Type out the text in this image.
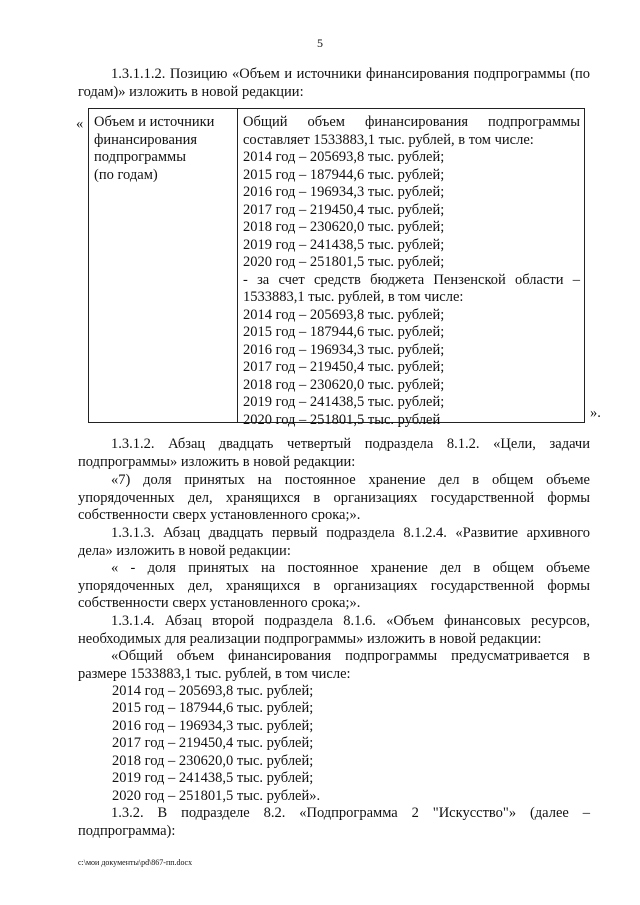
5

1.3.1.1.2. Позицию «Объем и источники финансирования подпрограммы (по годам)» изложить в новой редакции:

« Объем и источники
финансирования
подпрограммы
(по годам)
Общий объем финансирования подпрограммы
составляет 1533883,1 тыс. рублей, в том числе:
2014 год – 205693,8 тыс. рублей;
2015 год – 187944,6 тыс. рублей;
2016 год – 196934,3 тыс. рублей;
2017 год – 219450,4 тыс. рублей;
2018 год – 230620,0 тыс. рублей;
2019 год – 241438,5 тыс. рублей;
2020 год – 251801,5 тыс. рублей;
- за счет средств бюджета Пензенской области –
1533883,1 тыс. рублей, в том числе:
2014 год – 205693,8 тыс. рублей;
2015 год – 187944,6 тыс. рублей;
2016 год – 196934,3 тыс. рублей;
2017 год – 219450,4 тыс. рублей;
2018 год – 230620,0 тыс. рублей;
2019 год – 241438,5 тыс. рублей;
2020 год – 251801,5 тыс. рублей	».

1.3.1.2. Абзац двадцать четвертый подраздела 8.1.2. «Цели, задачи подпрограммы» изложить в новой редакции:

«7) доля принятых на постоянное хранение дел в общем объеме упорядоченных дел, хранящихся в организациях государственной формы собственности сверх установленного срока;».

1.3.1.3. Абзац двадцать первый подраздела 8.1.2.4. «Развитие архивного дела» изложить в новой редакции:

« - доля принятых на постоянное хранение дел в общем объеме упорядоченных дел, хранящихся в организациях государственной формы собственности сверх установленного срока;».

1.3.1.4. Абзац второй подраздела 8.1.6. «Объем финансовых ресурсов, необходимых для реализации подпрограммы» изложить в новой редакции:

«Общий объем финансирования подпрограммы предусматривается в размере 1533883,1 тыс. рублей, в том числе:

2014 год – 205693,8 тыс. рублей;
2015 год – 187944,6 тыс. рублей;
2016 год – 196934,3 тыс. рублей;
2017 год – 219450,4 тыс. рублей;
2018 год – 230620,0 тыс. рублей;
2019 год – 241438,5 тыс. рублей;
2020 год – 251801,5 тыс. рублей».

1.3.2. В подразделе 8.2. «Подпрограмма 2 "Искусство"» (далее – подпрограмма):

c:\мои документы\pd\867-пп.docx
